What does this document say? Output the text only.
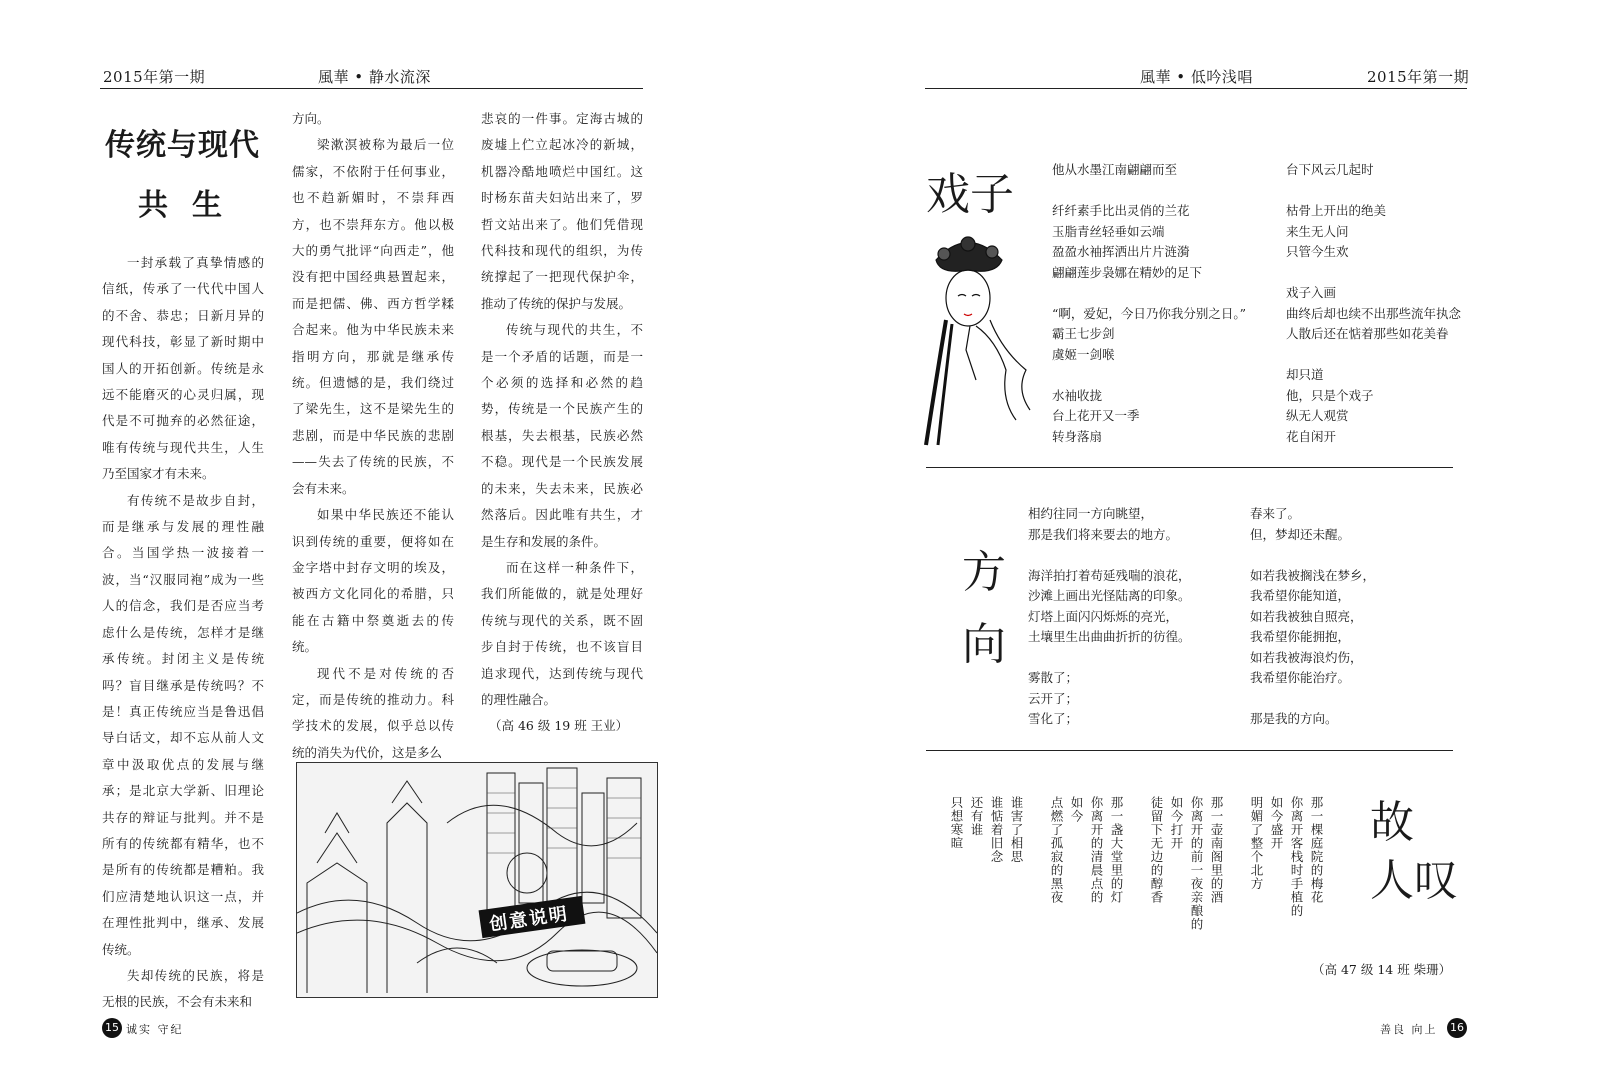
2015年第一期	風華 • 静水流深
传统与现代
共生

一封承载了真挚情感的信纸，传承了一代代中国人的不舍、恭忠；日新月异的现代科技，彰显了新时期中国人的开拓创新。传统是永远不能磨灭的心灵归属，现代是不可抛弃的必然征途，唯有传统与现代共生，人生乃至国家才有未来。

有传统不是故步自封，而是继承与发展的理性融合。当国学热一波接着一波，当“汉服同袍”成为一些人的信念，我们是否应当考虑什么是传统，怎样才是继承传统。封闭主义是传统吗？盲目继承是传统吗？不是！真正传统应当是鲁迅倡导白话文，却不忘从前人文章中汲取优点的发展与继承；是北京大学新、旧理论共存的辩证与批判。并不是所有的传统都有精华，也不是所有的传统都是糟粕。我们应清楚地认识这一点，并在理性批判中，继承、发展传统。

失却传统的民族，将是无根的民族，不会有未来和

方向。

梁漱溟被称为最后一位儒家，不依附于任何事业，也不趋新媚时，不崇拜西方，也不崇拜东方。他以极大的勇气批评“向西走”，他没有把中国经典悬置起来，而是把儒、佛、西方哲学糅合起来。他为中华民族未来指明方向，那就是继承传统。但遗憾的是，我们绕过了梁先生，这不是梁先生的悲剧，而是中华民族的悲剧——失去了传统的民族，不会有未来。

如果中华民族还不能认识到传统的重要，便将如在金字塔中封存文明的埃及，被西方文化同化的希腊，只能在古籍中祭奠逝去的传统。

现代不是对传统的否定，而是传统的推动力。科学技术的发展，似乎总以传统的消失为代价，这是多么

悲哀的一件事。定海古城的废墟上伫立起冰冷的新城，机器冷酷地喷烂中国红。这时杨东苗夫妇站出来了，罗哲文站出来了。他们凭借现代科技和现代的组织，为传统撑起了一把现代保护伞，推动了传统的保护与发展。

传统与现代的共生，不是一个矛盾的话题，而是一个必须的选择和必然的趋势，传统是一个民族产生的根基，失去根基，民族必然不稳。现代是一个民族发展的未来，失去未来，民族必然落后。因此唯有共生，才是生存和发展的条件。

而在这样一种条件下，我们所能做的，就是处理好传统与现代的关系，既不固步自封于传统，也不该盲目追求现代，达到传统与现代的理性融合。

（高 46 级 19 班 王业）

创意说明
15 诚实 守纪
風華 • 低吟浅唱	2015年第一期
戏子	他从水墨江南翩翩而至

纤纤素手比出灵俏的兰花
玉脂青丝轻垂如云端
盈盈水袖挥洒出片片涟漪
翩翩莲步袅娜在精妙的足下

“啊，爱妃，今日乃你我分别之日。”
霸王七步剑
虞姬一剑喉

水袖收拢
台上花开又一季
转身落扇
台下风云几起时

枯骨上开出的绝美
来生无人问
只管今生欢

戏子入画
曲终后却也续不出那些流年执念
人散后还在惦着那些如花美眷

却只道
他，只是个戏子
纵无人观赏
花自闲开
方
向
相约往同一方向眺望，
那是我们将来要去的地方。

海洋拍打着苟延残喘的浪花，
沙滩上画出光怪陆离的印象。
灯塔上面闪闪烁烁的亮光，
土壤里生出曲曲折折的彷徨。

雾散了；
云开了；
雪化了；
春来了。
但，梦却还未醒。

如若我被搁浅在梦乡，
我希望你能知道，
如若我被独自照亮，
我希望你能拥抱，
如若我被海浪灼伤，
我希望你能治疗。

那是我的方向。
故
人叹
那一棵庭院的梅花
你离开客栈时手植的
如今盛开
明媚了整个北方
那一壶南阁里的酒
你离开的前一夜亲酿的
如今打开
徒留下无边的醇香
那一盏大堂里的灯
你离开的清晨点的
如今
点燃了孤寂的黑夜
谁害了相思
谁惦着旧念
还有谁
只想寒暄
（高 47 级 14 班 柴珊）
善良 向上 16
